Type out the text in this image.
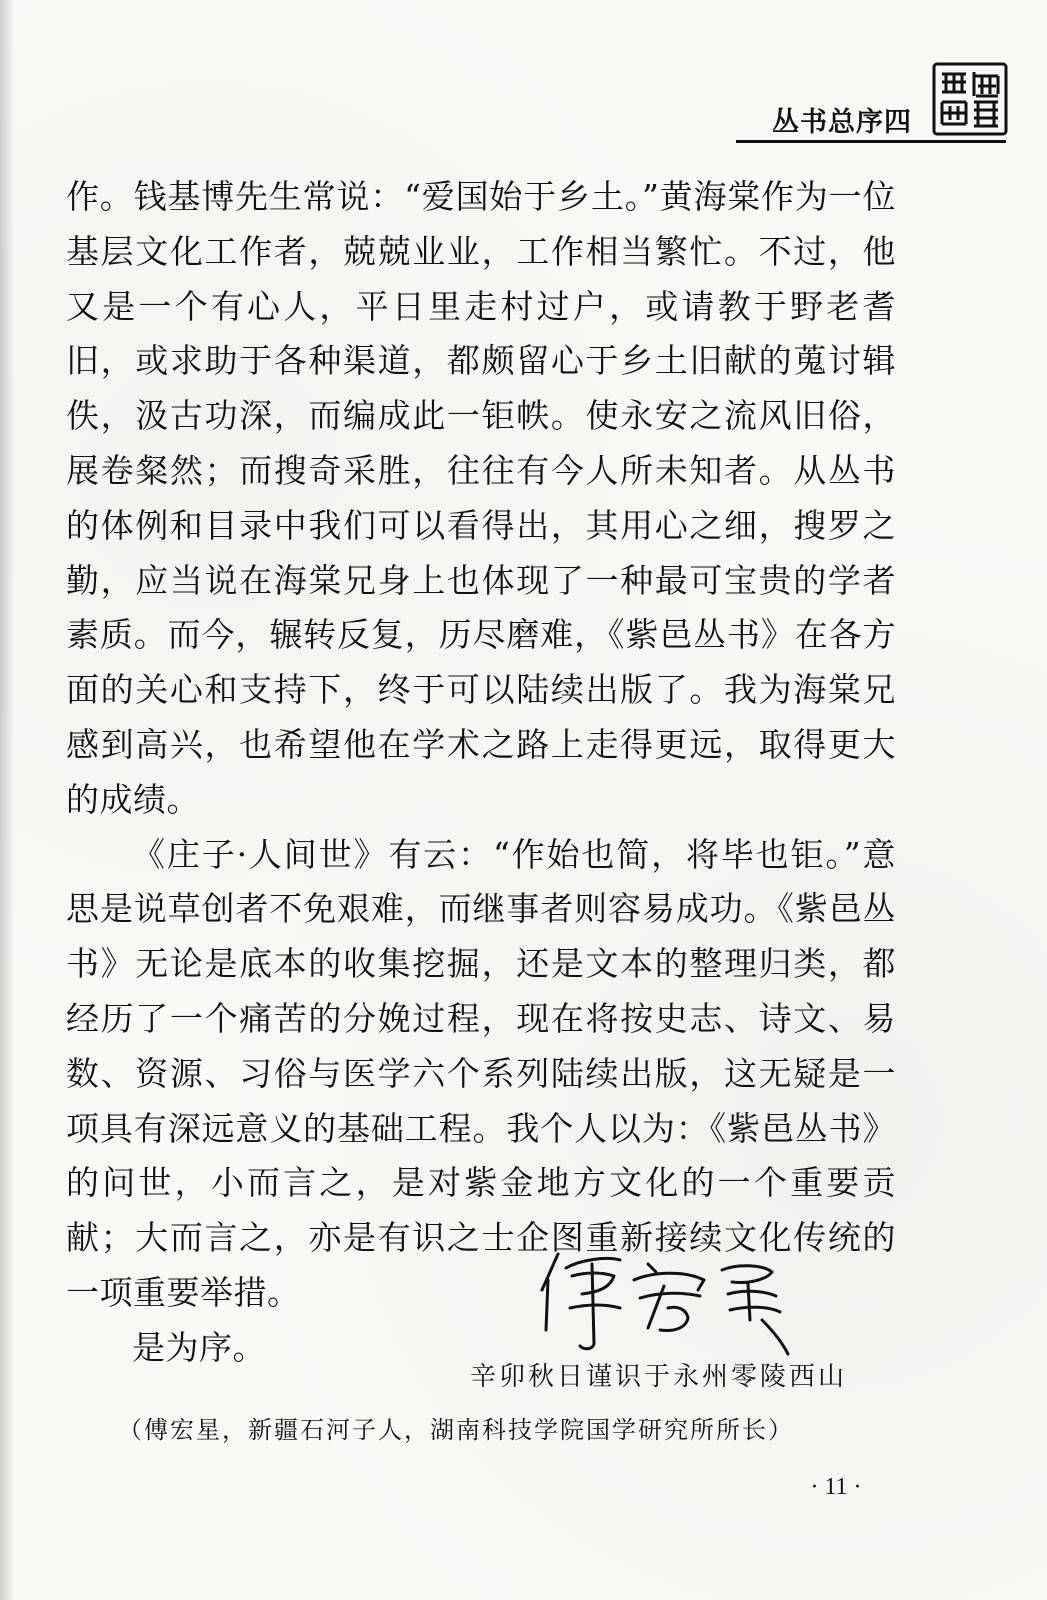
丛书总序四

作。钱基博先生常说：“爱国始于乡土。”黄海棠作为一位基层文化工作者，兢兢业业，工作相当繁忙。不过，他又是一个有心人，平日里走村过户，或请教于野老耆旧，或求助于各种渠道，都颇留心于乡土旧献的蒐讨辑佚，汲古功深，而编成此一钜帙。使永安之流风旧俗，展卷粲然；而搜奇采胜，往往有今人所未知者。从丛书的体例和目录中我们可以看得出，其用心之细，搜罗之勤，应当说在海棠兄身上也体现了一种最可宝贵的学者素质。而今，辗转反复，历尽磨难，《紫邑丛书》在各方面的关心和支持下，终于可以陆续出版了。我为海棠兄感到高兴，也希望他在学术之路上走得更远，取得更大的成绩。

《庄子·人间世》有云：“作始也简，将毕也钜。”意思是说草创者不免艰难，而继事者则容易成功。《紫邑丛书》无论是底本的收集挖掘，还是文本的整理归类，都经历了一个痛苦的分娩过程，现在将按史志、诗文、易数、资源、习俗与医学六个系列陆续出版，这无疑是一项具有深远意义的基础工程。我个人以为：《紫邑丛书》的问世，小而言之，是对紫金地方文化的一个重要贡献；大而言之，亦是有识之士企图重新接续文化传统的一项重要举措。

是为序。

辛卯秋日谨识于永州零陵西山
（傅宏星，新疆石河子人，湖南科技学院国学研究所所长）
· 11 ·
